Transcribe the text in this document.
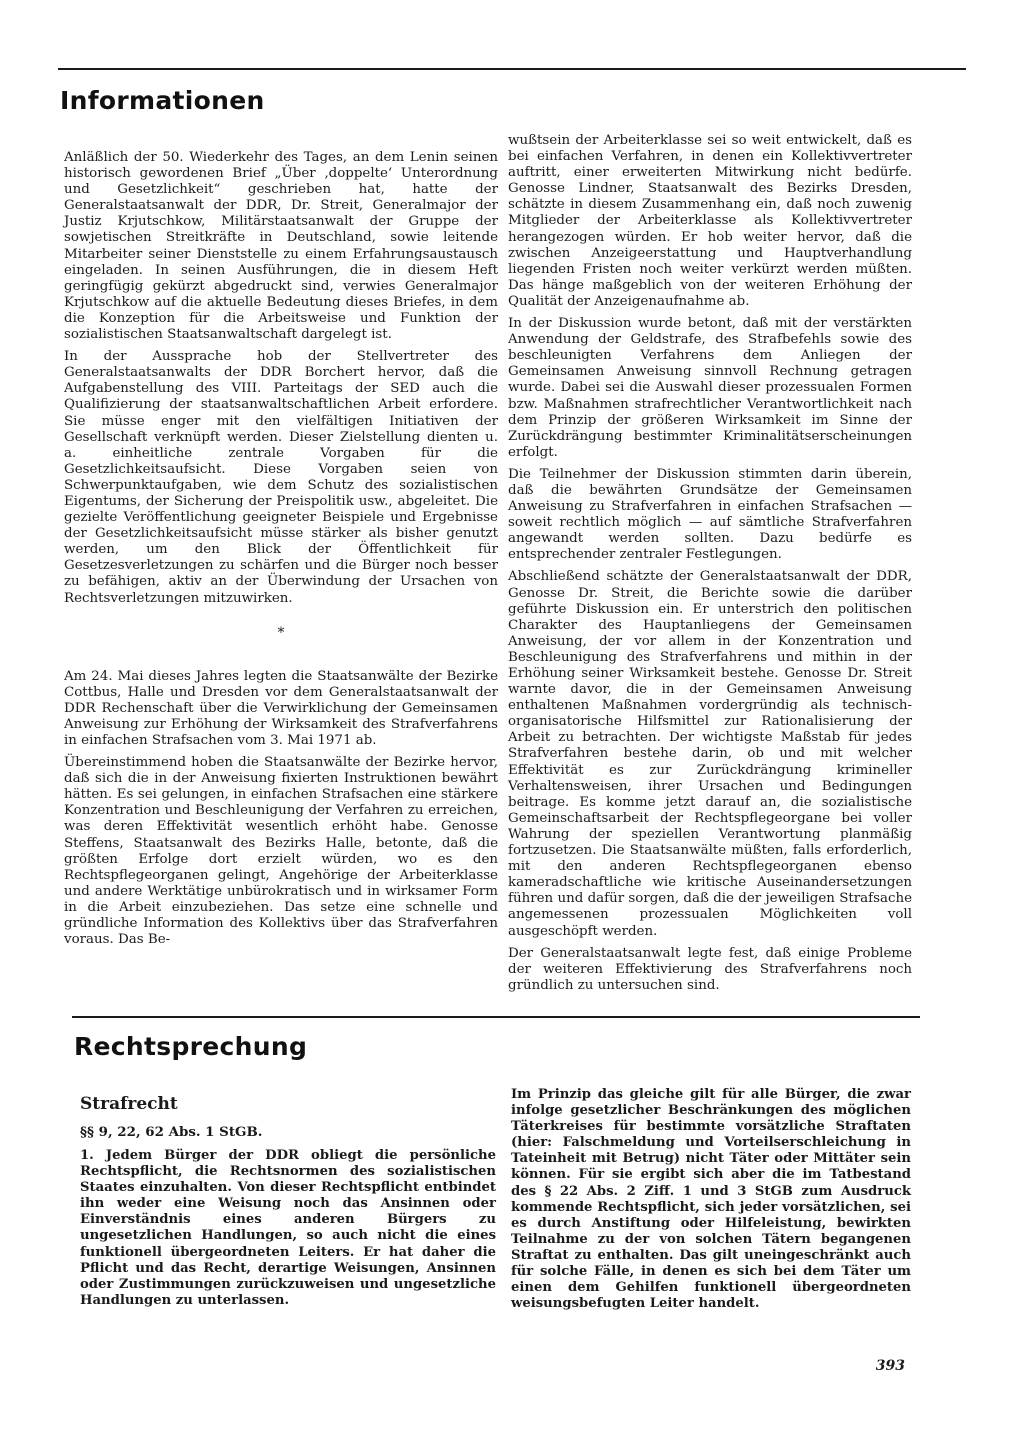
Informationen

Anläßlich der 50. Wiederkehr des Tages, an dem Lenin seinen historisch gewordenen Brief „Über ‚doppelte‘ Unterordnung und Gesetzlichkeit“ geschrieben hat, hatte der Generalstaatsanwalt der DDR, Dr. Streit, Generalmajor der Justiz Krjutschkow, Militärstaatsanwalt der Gruppe der sowjetischen Streitkräfte in Deutschland, sowie leitende Mitarbeiter seiner Dienststelle zu einem Erfahrungsaustausch eingeladen. In seinen Ausführungen, die in diesem Heft geringfügig gekürzt abgedruckt sind, verwies Generalmajor Krjutschkow auf die aktuelle Bedeutung dieses Briefes, in dem die Konzeption für die Arbeitsweise und Funktion der sozialistischen Staatsanwaltschaft dargelegt ist.

In der Aussprache hob der Stellvertreter des Generalstaatsanwalts der DDR Borchert hervor, daß die Aufgabenstellung des VIII. Parteitags der SED auch die Qualifizierung der staatsanwaltschaftlichen Arbeit erfordere. Sie müsse enger mit den vielfältigen Initiativen der Gesellschaft verknüpft werden. Dieser Zielstellung dienten u. a. einheitliche zentrale Vorgaben für die Gesetzlichkeitsaufsicht. Diese Vorgaben seien von Schwerpunktaufgaben, wie dem Schutz des sozialistischen Eigentums, der Sicherung der Preispolitik usw., abgeleitet. Die gezielte Veröffentlichung geeigneter Beispiele und Ergebnisse der Gesetzlichkeitsaufsicht müsse stärker als bisher genutzt werden, um den Blick der Öffentlichkeit für Gesetzesverletzungen zu schärfen und die Bürger noch besser zu befähigen, aktiv an der Überwindung der Ursachen von Rechtsverletzungen mitzuwirken.

*

Am 24. Mai dieses Jahres legten die Staatsanwälte der Bezirke Cottbus, Halle und Dresden vor dem Generalstaatsanwalt der DDR Rechenschaft über die Verwirklichung der Gemeinsamen Anweisung zur Erhöhung der Wirksamkeit des Strafverfahrens in einfachen Strafsachen vom 3. Mai 1971 ab.

Übereinstimmend hoben die Staatsanwälte der Bezirke hervor, daß sich die in der Anweisung fixierten Instruktionen bewährt hätten. Es sei gelungen, in einfachen Strafsachen eine stärkere Konzentration und Beschleunigung der Verfahren zu erreichen, was deren Effektivität wesentlich erhöht habe. Genosse Steffens, Staatsanwalt des Bezirks Halle, betonte, daß die größten Erfolge dort erzielt würden, wo es den Rechtspflegeorganen gelingt, Angehörige der Arbeiterklasse und andere Werktätige unbürokratisch und in wirksamer Form in die Arbeit einzubeziehen. Das setze eine schnelle und gründliche Information des Kollektivs über das Strafverfahren voraus. Das Be-

wußtsein der Arbeiterklasse sei so weit entwickelt, daß es bei einfachen Verfahren, in denen ein Kollektivvertreter auftritt, einer erweiterten Mitwirkung nicht bedürfe. Genosse Lindner, Staatsanwalt des Bezirks Dresden, schätzte in diesem Zusammenhang ein, daß noch zuwenig Mitglieder der Arbeiterklasse als Kollektivvertreter herangezogen würden. Er hob weiter hervor, daß die zwischen Anzeigeerstattung und Hauptverhandlung liegenden Fristen noch weiter verkürzt werden müßten. Das hänge maßgeblich von der weiteren Erhöhung der Qualität der Anzeigenaufnahme ab.

In der Diskussion wurde betont, daß mit der verstärkten Anwendung der Geldstrafe, des Strafbefehls sowie des beschleunigten Verfahrens dem Anliegen der Gemeinsamen Anweisung sinnvoll Rechnung getragen wurde. Dabei sei die Auswahl dieser prozessualen Formen bzw. Maßnahmen strafrechtlicher Verantwortlichkeit nach dem Prinzip der größeren Wirksamkeit im Sinne der Zurückdrängung bestimmter Kriminalitätserscheinungen erfolgt.

Die Teilnehmer der Diskussion stimmten darin überein, daß die bewährten Grundsätze der Gemeinsamen Anweisung zu Strafverfahren in einfachen Strafsachen — soweit rechtlich möglich — auf sämtliche Strafverfahren angewandt werden sollten. Dazu bedürfe es entsprechender zentraler Festlegungen.

Abschließend schätzte der Generalstaatsanwalt der DDR, Genosse Dr. Streit, die Berichte sowie die darüber geführte Diskussion ein. Er unterstrich den politischen Charakter des Hauptanliegens der Gemeinsamen Anweisung, der vor allem in der Konzentration und Beschleunigung des Strafverfahrens und mithin in der Erhöhung seiner Wirksamkeit bestehe. Genosse Dr. Streit warnte davor, die in der Gemeinsamen Anweisung enthaltenen Maßnahmen vordergründig als technisch-organisatorische Hilfsmittel zur Rationalisierung der Arbeit zu betrachten. Der wichtigste Maßstab für jedes Strafverfahren bestehe darin, ob und mit welcher Effektivität es zur Zurückdrängung krimineller Verhaltensweisen, ihrer Ursachen und Bedingungen beitrage. Es komme jetzt darauf an, die sozialistische Gemeinschaftsarbeit der Rechtspflegeorgane bei voller Wahrung der speziellen Verantwortung planmäßig fortzusetzen. Die Staatsanwälte müßten, falls erforderlich, mit den anderen Rechtspflegeorganen ebenso kameradschaftliche wie kritische Auseinandersetzungen führen und dafür sorgen, daß die der jeweiligen Strafsache angemessenen prozessualen Möglichkeiten voll ausgeschöpft werden.

Der Generalstaatsanwalt legte fest, daß einige Probleme der weiteren Effektivierung des Strafverfahrens noch gründlich zu untersuchen sind.

Rechtsprechung
Strafrecht
§§ 9, 22, 62 Abs. 1 StGB.

1. Jedem Bürger der DDR obliegt die persönliche Rechtspflicht, die Rechtsnormen des sozialistischen Staates einzuhalten. Von dieser Rechtspflicht entbindet ihn weder eine Weisung noch das Ansinnen oder Einverständnis eines anderen Bürgers zu ungesetzlichen Handlungen, so auch nicht die eines funktionell übergeordneten Leiters. Er hat daher die Pflicht und das Recht, derartige Weisungen, Ansinnen oder Zustimmungen zurückzuweisen und ungesetzliche Handlungen zu unterlassen.

Im Prinzip das gleiche gilt für alle Bürger, die zwar infolge gesetzlicher Beschränkungen des möglichen Täterkreises für bestimmte vorsätzliche Straftaten (hier: Falschmeldung und Vorteilserschleichung in Tateinheit mit Betrug) nicht Täter oder Mittäter sein können. Für sie ergibt sich aber die im Tatbestand des § 22 Abs. 2 Ziff. 1 und 3 StGB zum Ausdruck kommende Rechtspflicht, sich jeder vorsätzlichen, sei es durch Anstiftung oder Hilfeleistung, bewirkten Teilnahme zu der von solchen Tätern begangenen Straftat zu enthalten. Das gilt uneingeschränkt auch für solche Fälle, in denen es sich bei dem Täter um einen dem Gehilfen funktionell übergeordneten weisungsbefugten Leiter handelt.

393
